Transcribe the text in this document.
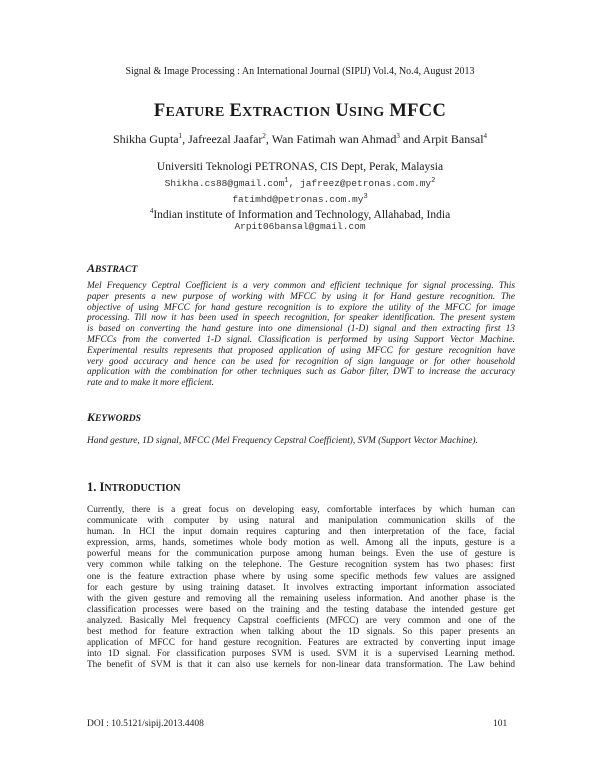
Signal & Image Processing : An International Journal (SIPIJ) Vol.4, No.4, August 2013
FEATURE EXTRACTION USING MFCC
Shikha Gupta$^1$, Jafreezal Jaafar$^2$, Wan Fatimah wan Ahmad$^3$ and Arpit Bansal$^4$
Universiti Teknologi PETRONAS, CIS Dept, Perak, Malaysia
Shikha.cs88@gmail.com$^1$, $jafreez@petronas.com.my^2$
$fatimhd@petronas.com.my^3$
$^4$Indian institute of Information and Technology, Allahabad, India
Arpit06bansal@gmail.com
ABSTRACT
Mel Frequency Ceptral Coefficient is a very common and efficient technique for signal processing. This
paper presents a new purpose of working with MFCC by using it for Hand gesture recognition. The
objective of using MFCC for hand gesture recognition is to explore the utility of the MFCC for image
processing. Till now it has been used in speech recognition, for speaker identification. The present system
is based on converting the hand gesture into one dimensional (1-D) signal and then extracting first 13
MFCCs from the converted 1-D signal. Classification is performed by using Support Vector Machine.
Experimental results represents that proposed application of using MFCC for gesture recognition have
very good accuracy and hence can be used for recognition of sign language or for other household
application with the combination for other techniques such as Gabor filter, DWT to increase the accuracy
rate and to make it more efficient.
KEYWORDS
Hand gesture, 1D signal, MFCC (Mel Frequency Cepstral Coefficient), SVM (Support Vector Machine).
1. INTRODUCTION
Currently, there is a great focus on developing easy, comfortable interfaces by which human can
communicate with computer by using natural and manipulation communication skills of the
human. In HCI the input domain requires capturing and then interpretation of the face, facial
expression, arms, hands, sometimes whole body motion as well. Among all the inputs, gesture is a
powerful means for the communication purpose among human beings. Even the use of gesture is
very common while talking on the telephone. The Gesture recognition system has two phases: first
one is the feature extraction phase where by using some specific methods few values are assigned
for each gesture by using training dataset. It involves extracting important information associated
with the given gesture and removing all the remaining useless information. And another phase is the
classification processes were based on the training and the testing database the intended gesture get
analyzed. Basically Mel frequency Capstral coefficients (MFCC) are very common and one of the
best method for feature extraction when talking about the 1D signals. So this paper presents an
application of MFCC for hand gesture recognition. Features are extracted by converting input image
into 1D signal. For classification purposes SVM is used. SVM it is a supervised Learning method.
The benefit of SVM is that it can also use kernels for non-linear data transformation. The Law behind
DOI : 10.5121/sipij.2013.4408	101
